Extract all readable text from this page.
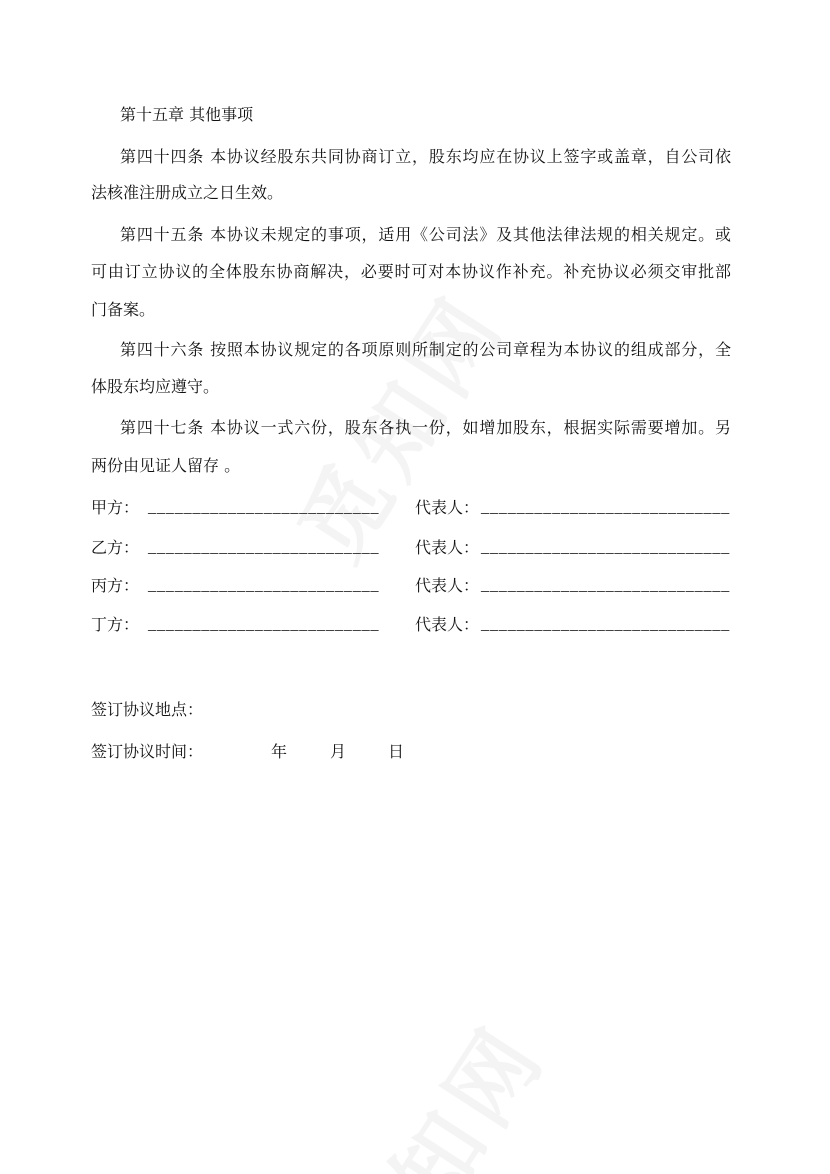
第十五章 其他事项
第四十四条 本协议经股东共同协商订立，股东均应在协议上签字或盖章，自公司依
法核准注册成立之日生效。
第四十五条 本协议未规定的事项，适用《公司法》及其他法律法规的相关规定。或
可由订立协议的全体股东协商解决，必要时可对本协议作补充。补充协议必须交审批部
门备案。
第四十六条 按照本协议规定的各项原则所制定的公司章程为本协议的组成部分，全
体股东均应遵守。
第四十七条 本协议一式六份，股东各执一份，如增加股东，根据实际需要增加。另
两份由见证人留存 。
甲方： __________________________ 代表人： ____________________________
乙方： __________________________ 代表人： ____________________________
丙方： __________________________ 代表人： ____________________________
丁方： __________________________ 代表人： ____________________________
签订协议地点：
签订协议时间：	年	月	日
